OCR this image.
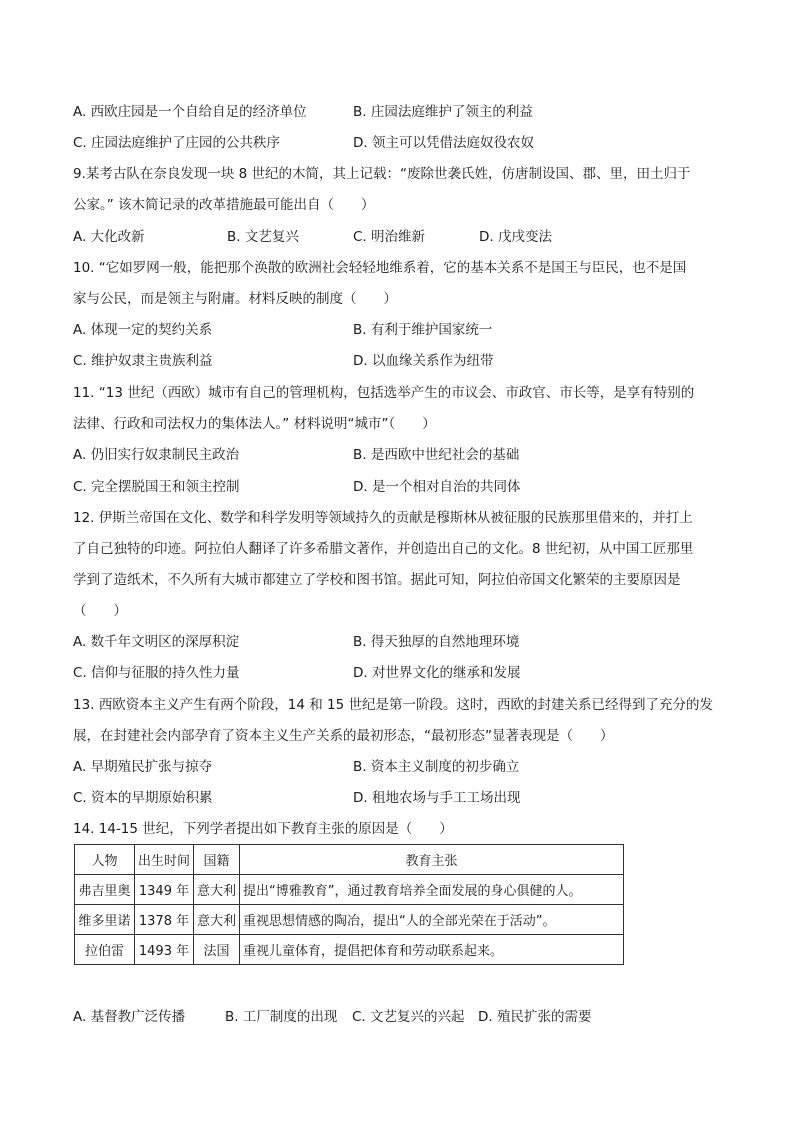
A. 西欧庄园是一个自给自足的经济单位	B. 庄园法庭维护了领主的利益
C. 庄园法庭维护了庄园的公共秩序	D. 领主可以凭借法庭奴役农奴
9.某考古队在奈良发现一块 8 世纪的木简，其上记载：“废除世袭氏姓，仿唐制设国、郡、里，田土归于
公家。” 该木简记录的改革措施最可能出自（　　）
A. 大化改新	B. 文艺复兴	C. 明治维新	D. 戊戌变法
10. “它如罗网一般，能把那个涣散的欧洲社会轻轻地维系着，它的基本关系不是国王与臣民，也不是国
家与公民，而是领主与附庸。材料反映的制度（　　）
A. 体现一定的契约关系	B. 有利于维护国家统一
C. 维护奴隶主贵族利益	D. 以血缘关系作为纽带
11. “13 世纪（西欧）城市有自己的管理机构，包括选举产生的市议会、市政官、市长等，是享有特别的
法律、行政和司法权力的集体法人。” 材料说明“城市”（　　）
A. 仍旧实行奴隶制民主政治	B. 是西欧中世纪社会的基础
C. 完全摆脱国王和领主控制	D. 是一个相对自治的共同体
12. 伊斯兰帝国在文化、数学和科学发明等领域持久的贡献是穆斯林从被征服的民族那里借来的，并打上
了自己独特的印迹。阿拉伯人翻译了许多希腊文著作，并创造出自己的文化。8 世纪初，从中国工匠那里
学到了造纸术，不久所有大城市都建立了学校和图书馆。据此可知，阿拉伯帝国文化繁荣的主要原因是
（　　）
A. 数千年文明区的深厚积淀	B. 得天独厚的自然地理环境
C. 信仰与征服的持久性力量	D. 对世界文化的继承和发展
13. 西欧资本主义产生有两个阶段，14 和 15 世纪是第一阶段。这时，西欧的封建关系已经得到了充分的发
展，在封建社会内部孕育了资本主义生产关系的最初形态，“最初形态”显著表现是（　　）
A. 早期殖民扩张与掠夺	B. 资本主义制度的初步确立
C. 资本的早期原始积累	D. 租地农场与手工工场出现
14. 14-15 世纪，下列学者提出如下教育主张的原因是（　　）
人物	出生时间	国籍	教育主张
弗吉里奥	1349 年	意大利	提出“博雅教育”，通过教育培养全面发展的身心俱健的人。
维多里诺	1378 年	意大利	重视思想情感的陶冶，提出“人的全部光荣在于活动”。
拉伯雷	1493 年	法国	重视儿童体育，提倡把体育和劳动联系起来。
A. 基督教广泛传播	B. 工厂制度的出现 C. 文艺复兴的兴起 D. 殖民扩张的需要
